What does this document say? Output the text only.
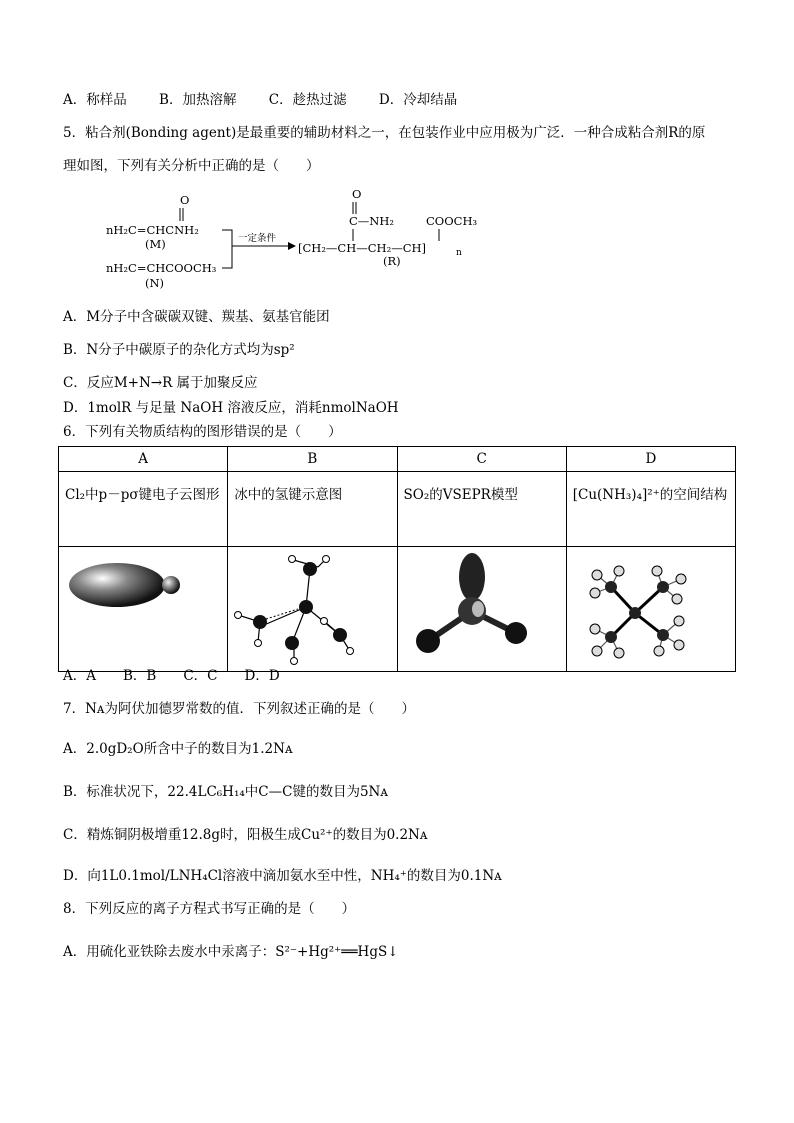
A．称样品 B．加热溶解 C．趁热过滤 D．冷却结晶
5．粘合剂(Bonding agent)是最重要的辅助材料之一，在包装作业中应用极为广泛．一种合成粘合剂R的原
理如图，下列有关分析中正确的是（　　）
O
nH₂C=CHCNH₂
(M)
nH₂C=CHCOOCH₃
(N)
一定条件
O
C—NH₂	COOCH₃
[CH₂—CH—CH₂—CH]	n
(R)
A．M分子中含碳碳双键、羰基、氨基官能团
B．N分子中碳原子的杂化方式均为sp²
C．反应M+N→R 属于加聚反应
D．1molR 与足量 NaOH 溶液反应，消耗nmolNaOH
6．下列有关物质结构的图形错误的是（　　）
A	B	C	D
Cl₂中p－pσ键电子云图形	冰中的氢键示意图	SO₂的VSEPR模型	[Cu(NH₃)₄]²⁺的空间结构

A．A　　B．B　　C．C　　D．D
7．Nᴀ为阿伏加德罗常数的值．下列叙述正确的是（　　）
A．2.0gD₂O所含中子的数目为1.2Nᴀ
B．标准状况下，22.4LC₆H₁₄中C—C键的数目为5Nᴀ
C．精炼铜阴极增重12.8g时，阳极生成Cu²⁺的数目为0.2Nᴀ
D．向1L0.1mol/LNH₄Cl溶液中滴加氨水至中性，NH₄⁺的数目为0.1Nᴀ
8．下列反应的离子方程式书写正确的是（　　）
A．用硫化亚铁除去废水中汞离子：S²⁻+Hg²⁺══HgS↓
